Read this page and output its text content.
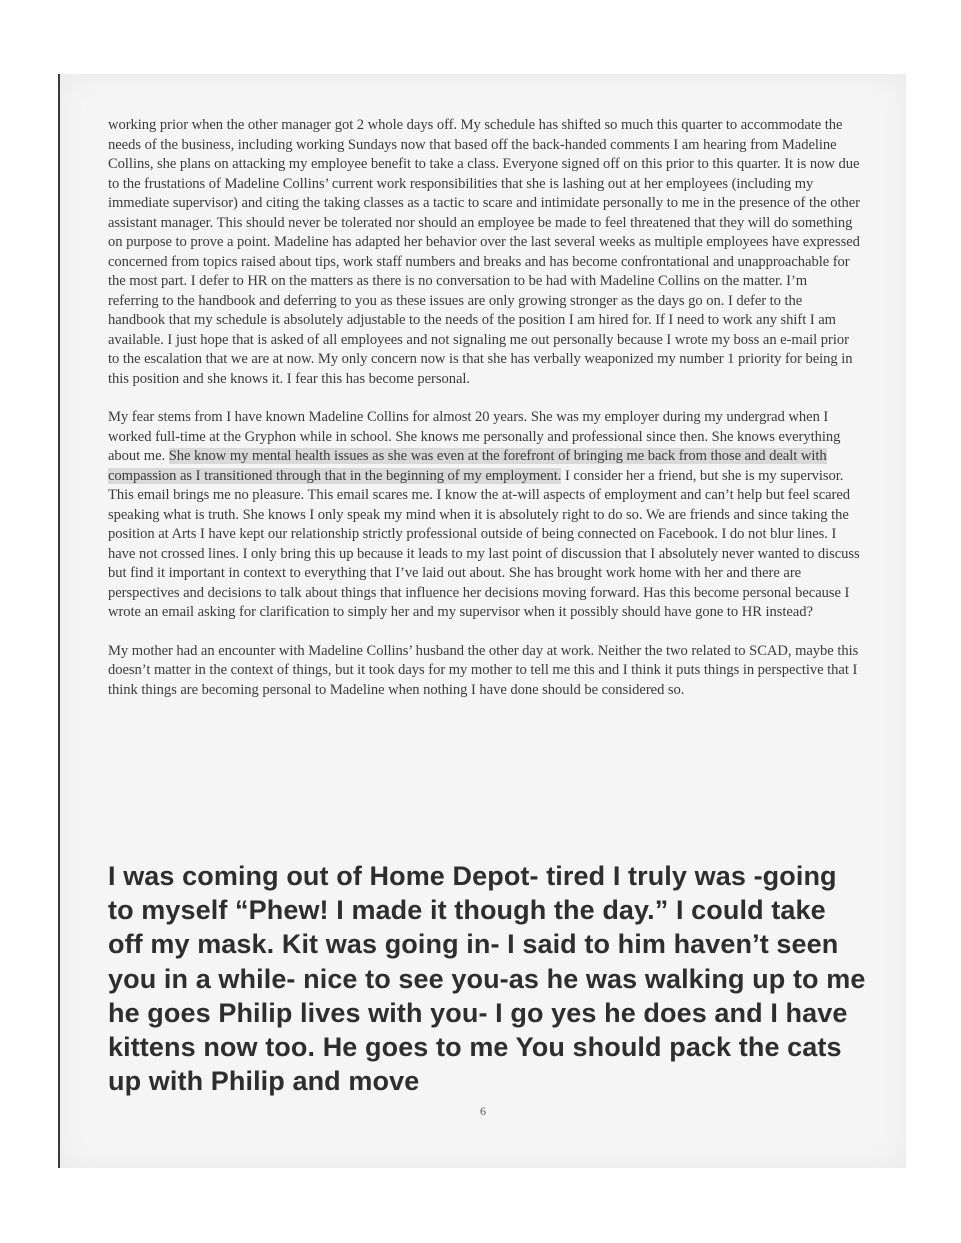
working prior when the other manager got 2 whole days off. My schedule has shifted so much this quarter to accommodate the needs of the business, including working Sundays now that based off the back-handed comments I am hearing from Madeline Collins, she plans on attacking my employee benefit to take a class. Everyone signed off on this prior to this quarter. It is now due to the frustations of Madeline Collins’ current work responsibilities that she is lashing out at her employees (including my immediate supervisor) and citing the taking classes as a tactic to scare and intimidate personally to me in the presence of the other assistant manager. This should never be tolerated nor should an employee be made to feel threatened that they will do something on purpose to prove a point. Madeline has adapted her behavior over the last several weeks as multiple employees have expressed concerned from topics raised about tips, work staff numbers and breaks and has become confrontational and unapproachable for the most part. I defer to HR on the matters as there is no conversation to be had with Madeline Collins on the matter. I’m referring to the handbook and deferring to you as these issues are only growing stronger as the days go on. I defer to the handbook that my schedule is absolutely adjustable to the needs of the position I am hired for. If I need to work any shift I am available. I just hope that is asked of all employees and not signaling me out personally because I wrote my boss an e-mail prior to the escalation that we are at now. My only concern now is that she has verbally weaponized my number 1 priority for being in this position and she knows it. I fear this has become personal.

My fear stems from I have known Madeline Collins for almost 20 years. She was my employer during my undergrad when I worked full-time at the Gryphon while in school. She knows me personally and professional since then. She knows everything about me. She know my mental health issues as she was even at the forefront of bringing me back from those and dealt with compassion as I transitioned through that in the beginning of my employment. I consider her a friend, but she is my supervisor. This email brings me no pleasure. This email scares me. I know the at-will aspects of employment and can’t help but feel scared speaking what is truth. She knows I only speak my mind when it is absolutely right to do so. We are friends and since taking the position at Arts I have kept our relationship strictly professional outside of being connected on Facebook. I do not blur lines. I have not crossed lines. I only bring this up because it leads to my last point of discussion that I absolutely never wanted to discuss but find it important in context to everything that I’ve laid out about. She has brought work home with her and there are perspectives and decisions to talk about things that influence her decisions moving forward. Has this become personal because I wrote an email asking for clarification to simply her and my supervisor when it possibly should have gone to HR instead?

My mother had an encounter with Madeline Collins’ husband the other day at work. Neither the two related to SCAD, maybe this doesn’t matter in the context of things, but it took days for my mother to tell me this and I think it puts things in perspective that I think things are becoming personal to Madeline when nothing I have done should be considered so.

I was coming out of Home Depot- tired I truly was -going to myself “Phew! I made it though the day.” I could take off my mask. Kit was going in- I said to him haven’t seen you in a while- nice to see you-as he was walking up to me he goes Philip lives with you- I go yes he does and I have kittens now too. He goes to me You should pack the cats up with Philip and move
6
